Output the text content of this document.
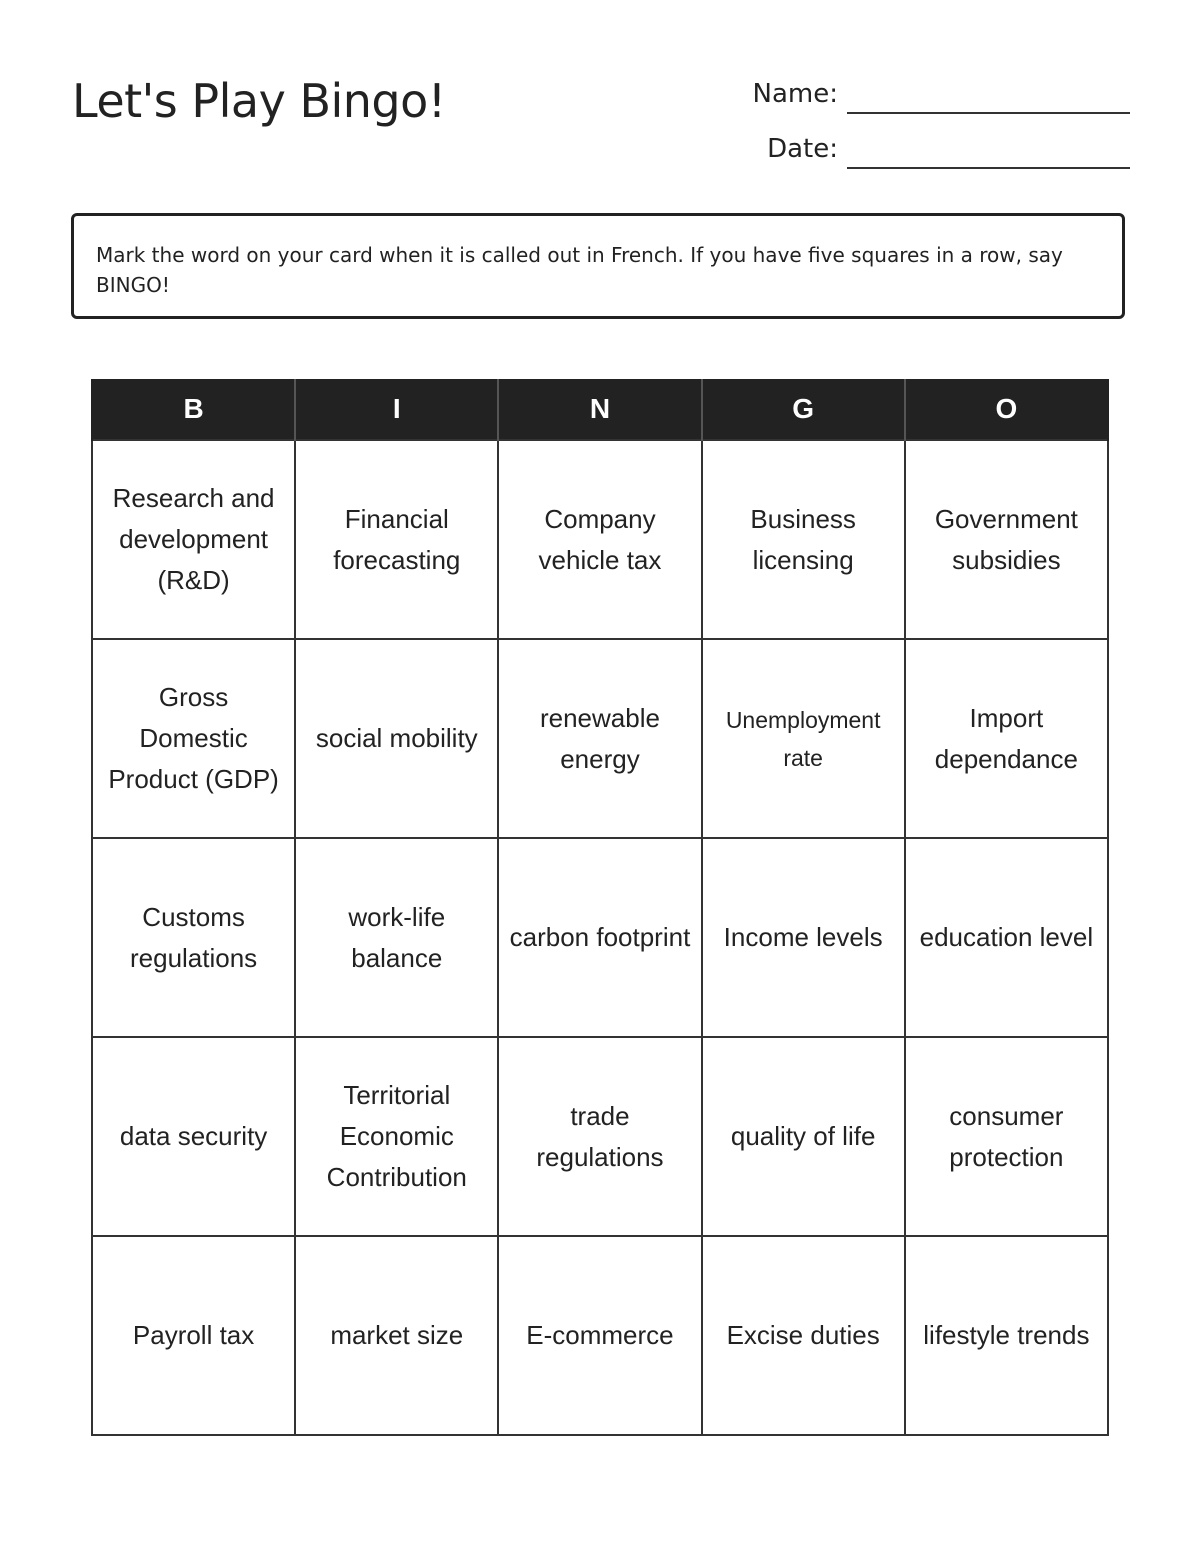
Let's Play Bingo!	Name:
Date:
Mark the word on your card when it is called out in French. If you have five squares in a row, say BINGO!
B	I	N	G	O
Research and development (R&D)	Financial forecasting	Company vehicle tax	Business licensing	Government subsidies
Gross Domestic Product (GDP)	social mobility	renewable energy	Unemployment rate	Import dependance
Customs regulations	work-life balance	carbon footprint	Income levels	education level
data security	Territorial Economic Contribution	trade regulations	quality of life	consumer protection
Payroll tax	market size	E-commerce	Excise duties	lifestyle trends
